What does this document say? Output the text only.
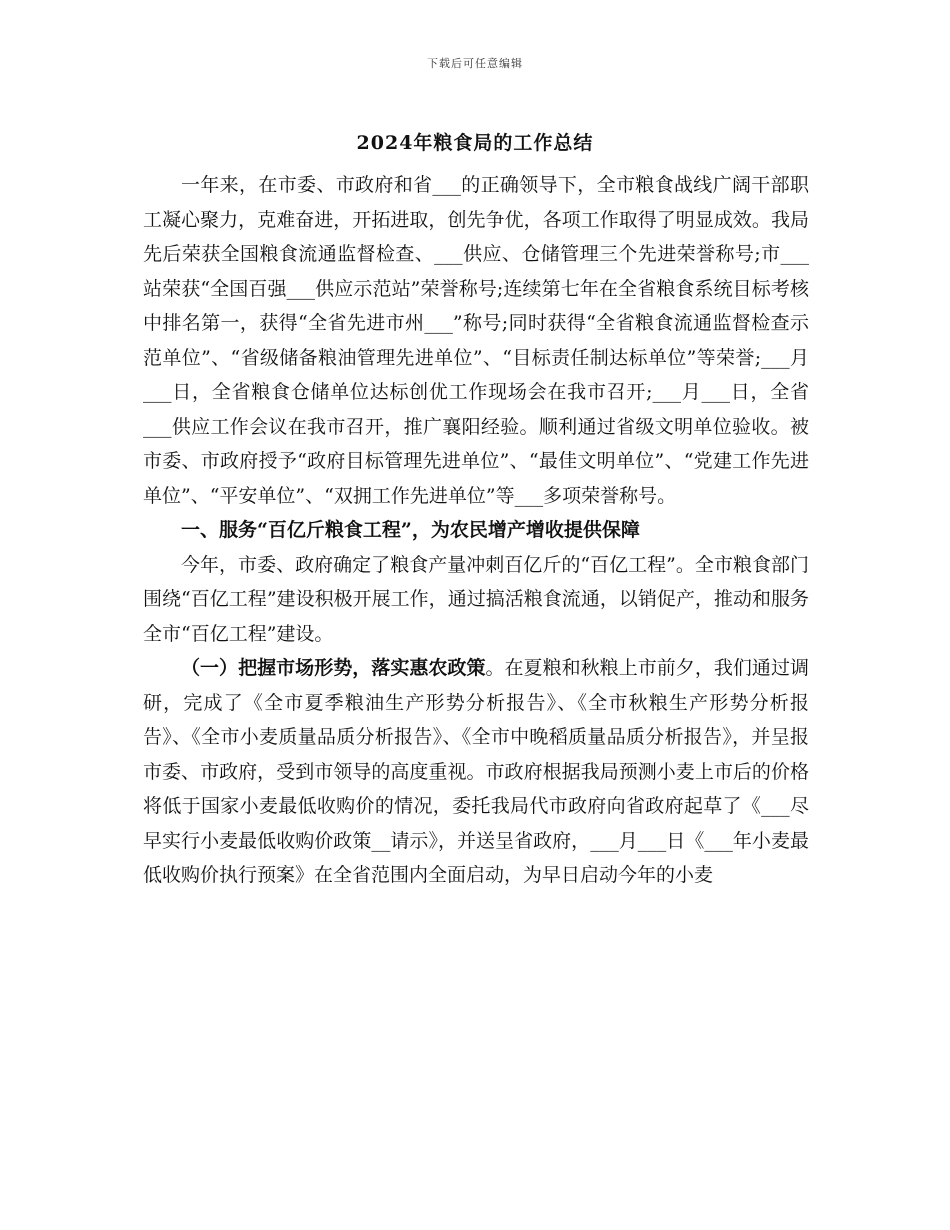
下载后可任意编辑
2024年粮食局的工作总结

一年来，在市委、市政府和省___的正确领导下，全市粮食战线广阔干部职工凝心聚力，克难奋进，开拓进取，创先争优，各项工作取得了明显成效。我局先后荣获全国粮食流通监督检查、___供应、仓储管理三个先进荣誉称号;市___站荣获“全国百强___供应示范站”荣誉称号;连续第七年在全省粮食系统目标考核中排名第一，获得“全省先进市州___”称号;同时获得“全省粮食流通监督检查示范单位”、“省级储备粮油管理先进单位”、“目标责任制达标单位”等荣誉;___月___日，全省粮食仓储单位达标创优工作现场会在我市召开;___月___日，全省___供应工作会议在我市召开，推广襄阳经验。顺利通过省级文明单位验收。被市委、市政府授予“政府目标管理先进单位”、“最佳文明单位”、“党建工作先进单位”、“平安单位”、“双拥工作先进单位”等___多项荣誉称号。

一、服务“百亿斤粮食工程”，为农民增产增收提供保障

今年，市委、政府确定了粮食产量冲刺百亿斤的“百亿工程”。全市粮食部门围绕“百亿工程”建设积极开展工作，通过搞活粮食流通，以销促产，推动和服务全市“百亿工程”建设。

（一）把握市场形势，落实惠农政策。在夏粮和秋粮上市前夕，我们通过调研，完成了《全市夏季粮油生产形势分析报告》、《全市秋粮生产形势分析报告》、《全市小麦质量品质分析报告》、《全市中晚稻质量品质分析报告》，并呈报市委、市政府，受到市领导的高度重视。市政府根据我局预测小麦上市后的价格将低于国家小麦最低收购价的情况，委托我局代市政府向省政府起草了《___尽早实行小麦最低收购价政策__请示》，并送呈省政府，___月___日《___年小麦最低收购价执行预案》在全省范围内全面启动，为早日启动今年的小麦
